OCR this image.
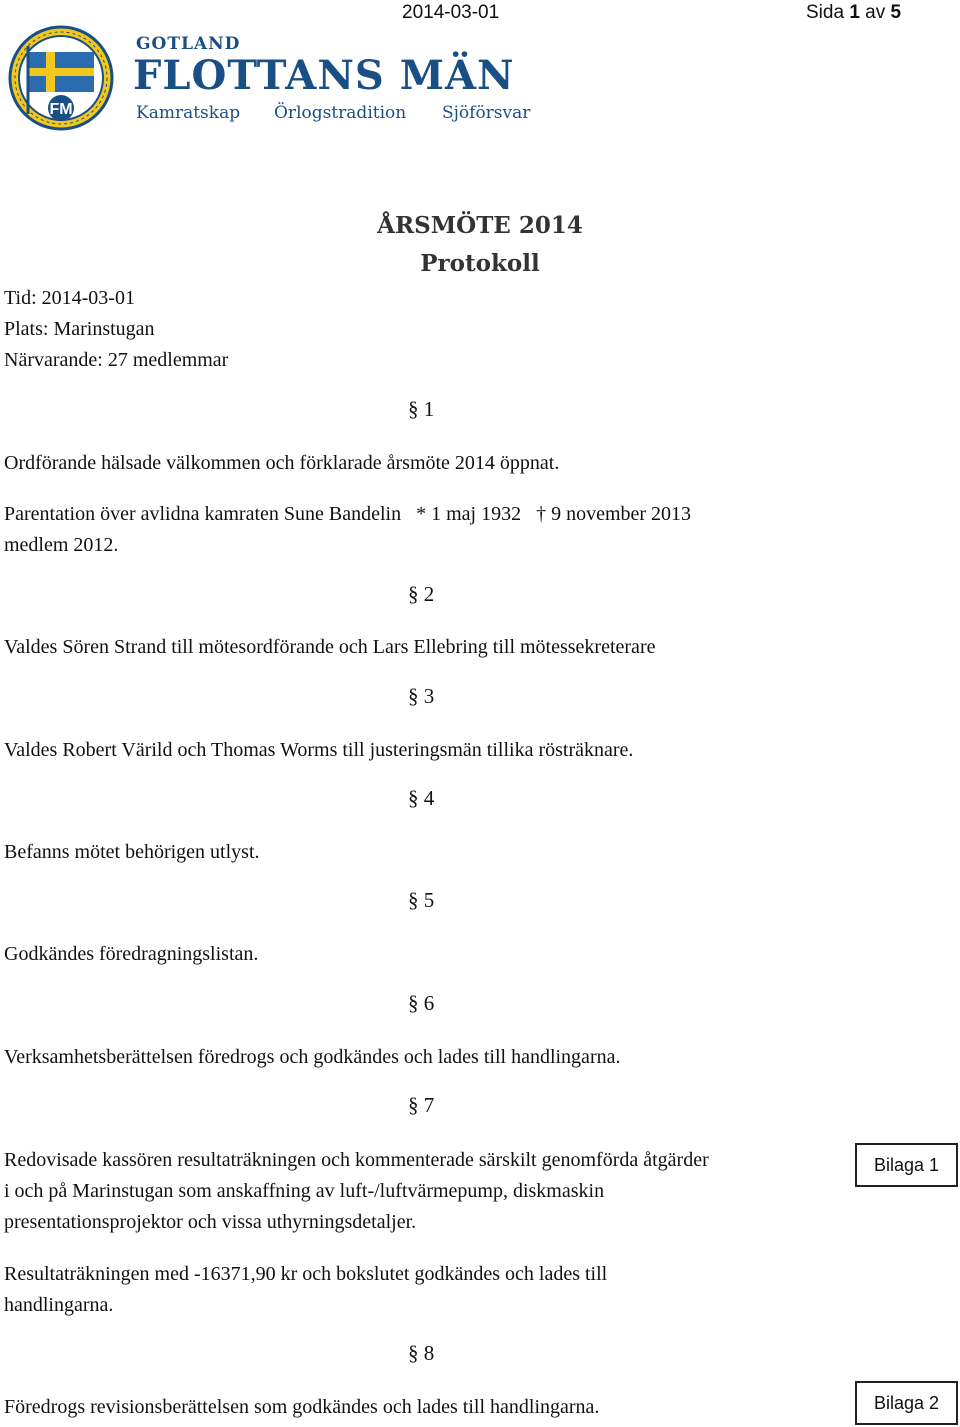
2014-03-01	Sida 1 av 5
FM
GOTLAND
FLOTTANS MÄN
Kamratskap Örlogstradition Sjöförsvar
ÅRSMÖTE 2014
Protokoll
Tid: 2014-03-01
Plats: Marinstugan
Närvarande: 27 medlemmar
§ 1
Ordförande hälsade välkommen och förklarade årsmöte 2014 öppnat.
Parentation över avlidna kamraten Sune Bandelin   * 1 maj 1932   † 9 november 2013
medlem 2012.
§ 2
Valdes Sören Strand till mötesordförande och Lars Ellebring till mötessekreterare
§ 3
Valdes Robert Värild och Thomas Worms till justeringsmän tillika rösträknare.
§ 4
Befanns mötet behörigen utlyst.
§ 5
Godkändes föredragningslistan.
§ 6
Verksamhetsberättelsen föredrogs och godkändes och lades till handlingarna.
§ 7
Redovisade kassören resultaträkningen och kommenterade särskilt genomförda åtgärder
i och på Marinstugan som anskaffning av luft-/luftvärmepump, diskmaskin
presentationsprojektor och vissa uthyrningsdetaljer.
Bilaga 1
Resultaträkningen med -16371,90 kr och bokslutet godkändes och lades till
handlingarna.
§ 8
Föredrogs revisionsberättelsen som godkändes och lades till handlingarna.	Bilaga 2
